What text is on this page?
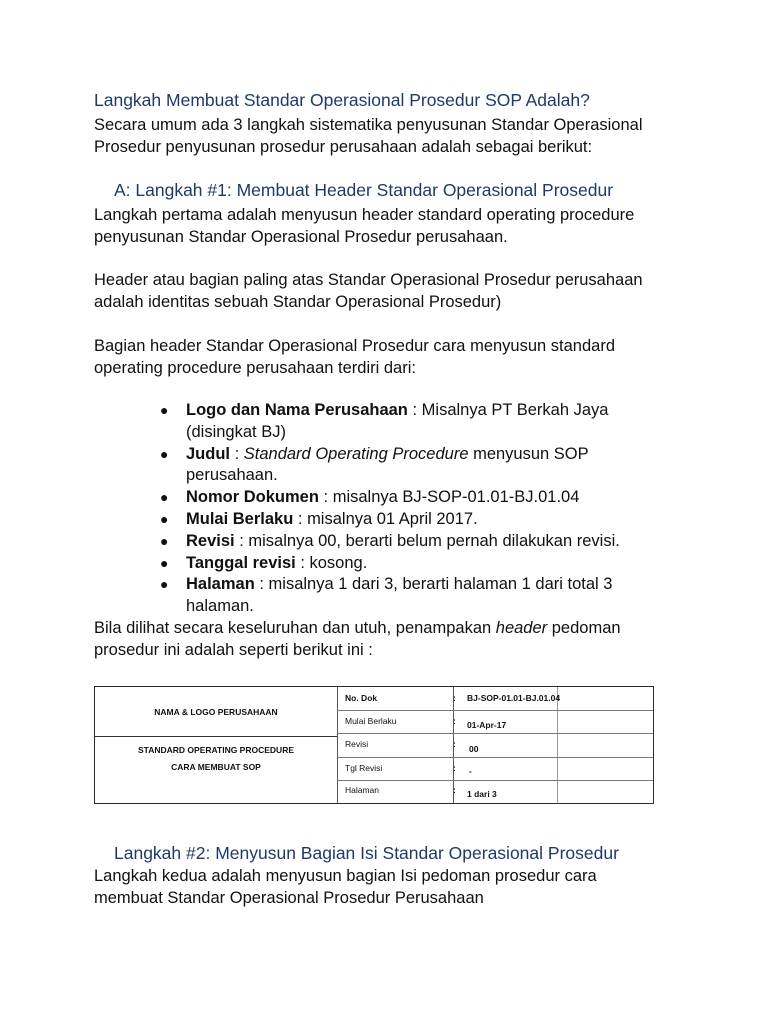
Langkah Membuat Standar Operasional Prosedur SOP Adalah?

Secara umum ada 3 langkah sistematika penyusunan Standar Operasional
Prosedur penyusunan prosedur perusahaan adalah sebagai berikut:

A: Langkah #1: Membuat Header Standar Operasional Prosedur

Langkah pertama adalah menyusun header standard operating procedure
penyusunan Standar Operasional Prosedur perusahaan.

Header atau bagian paling atas Standar Operasional Prosedur perusahaan
adalah identitas sebuah Standar Operasional Prosedur)

Bagian header Standar Operasional Prosedur cara menyusun standard
operating procedure perusahaan terdiri dari:

● Logo dan Nama Perusahaan : Misalnya PT Berkah Jaya (disingkat BJ)
● Judul : Standard Operating Procedure menyusun SOP perusahaan.
● Nomor Dokumen : misalnya BJ-SOP-01.01-BJ.01.04
● Mulai Berlaku : misalnya 01 April 2017.
● Revisi : misalnya 00, berarti belum pernah dilakukan revisi.
● Tanggal revisi : kosong.
● Halaman : misalnya 1 dari 3, berarti halaman 1 dari total 3 halaman.

Bila dilihat secara keseluruhan dan utuh, penampakan header pedoman
prosedur ini adalah seperti berikut ini :

NAMA & LOGO PERUSAHAAN
STANDARD OPERATING PROCEDURE
CARA MEMBUAT SOP
No. Dok	: BJ-SOP-01.01-BJ.01.04
Mulai Berlaku	: 01-Apr-17
Revisi	: 00
Tgl Revisi	: -
Halaman	: 1 dari 3
Langkah #2: Menyusun Bagian Isi Standar Operasional Prosedur

Langkah kedua adalah menyusun bagian Isi pedoman prosedur cara
membuat Standar Operasional Prosedur Perusahaan
